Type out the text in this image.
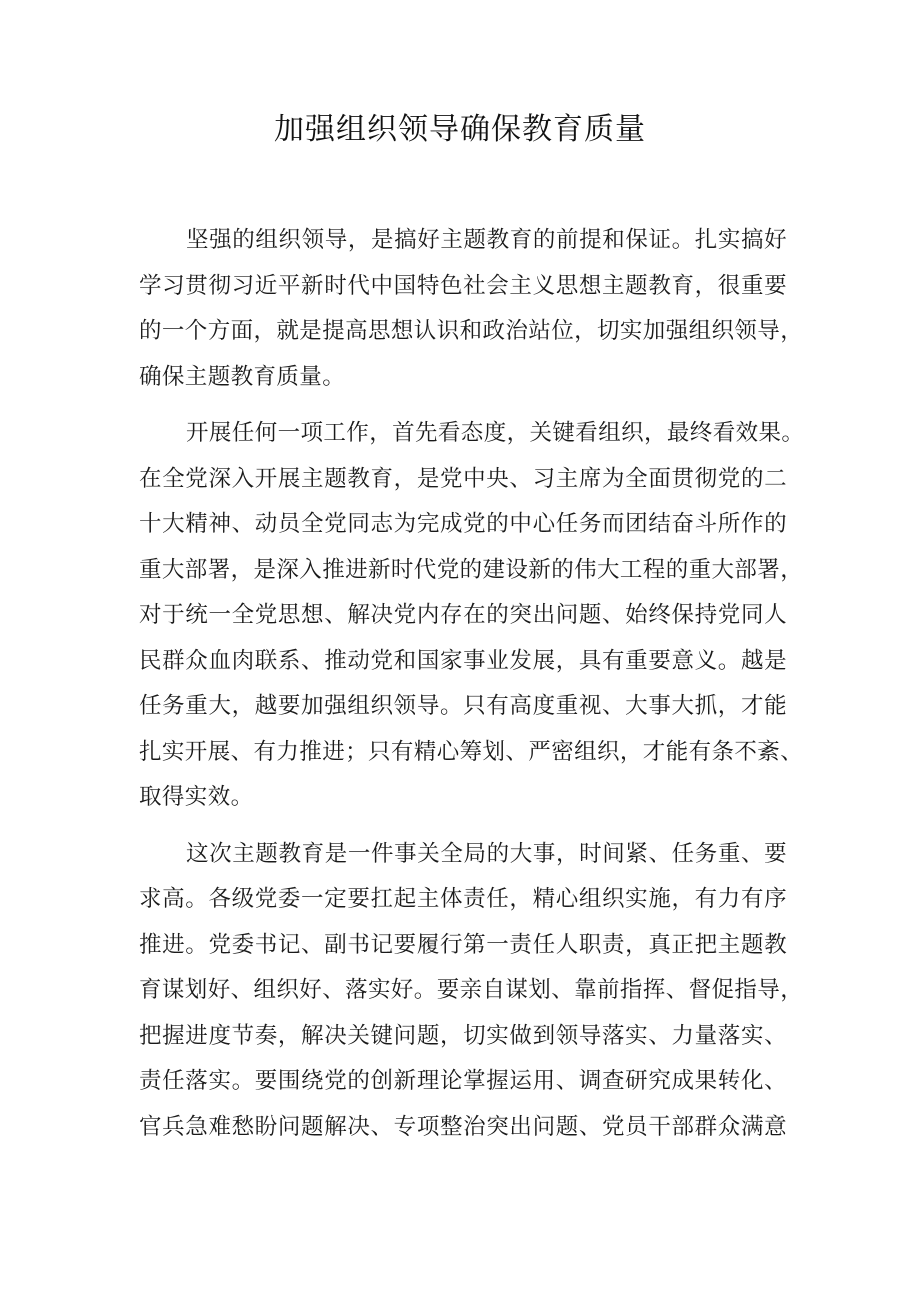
加强组织领导确保教育质量
坚强的组织领导，是搞好主题教育的前提和保证。扎实搞好
学习贯彻习近平新时代中国特色社会主义思想主题教育，很重要
的一个方面，就是提高思想认识和政治站位，切实加强组织领导，
确保主题教育质量。
开展任何一项工作，首先看态度，关键看组织，最终看效果。
在全党深入开展主题教育，是党中央、习主席为全面贯彻党的二
十大精神、动员全党同志为完成党的中心任务而团结奋斗所作的
重大部署，是深入推进新时代党的建设新的伟大工程的重大部署，
对于统一全党思想、解决党内存在的突出问题、始终保持党同人
民群众血肉联系、推动党和国家事业发展，具有重要意义。越是
任务重大，越要加强组织领导。只有高度重视、大事大抓，才能
扎实开展、有力推进；只有精心筹划、严密组织，才能有条不紊、
取得实效。
这次主题教育是一件事关全局的大事，时间紧、任务重、要
求高。各级党委一定要扛起主体责任，精心组织实施，有力有序
推进。党委书记、副书记要履行第一责任人职责，真正把主题教
育谋划好、组织好、落实好。要亲自谋划、靠前指挥、督促指导，
把握进度节奏，解决关键问题，切实做到领导落实、力量落实、
责任落实。要围绕党的创新理论掌握运用、调查研究成果转化、
官兵急难愁盼问题解决、专项整治突出问题、党员干部群众满意
